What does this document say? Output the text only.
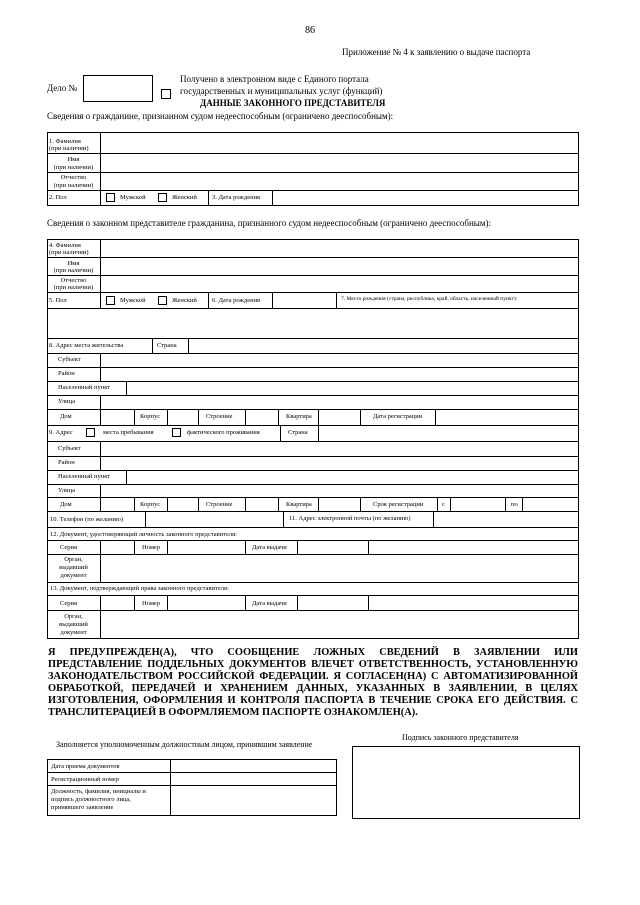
86
Приложение № 4 к заявлению о выдаче паспорта
Дело №
Получено в электронном виде с Единого портала
государственных и муниципальных услуг (функций)
ДАННЫЕ ЗАКОННОГО ПРЕДСТАВИТЕЛЯ
Сведения о гражданине, признанном судом недееспособным (ограничено дееспособным):
1. Фамилия
(при наличии)
Имя
(при наличии)
Отчество
(при наличии)
2. Пол	Мужской	Женский 3. Дата рождения
Сведения о законном представителе гражданина, признанного судом недееспособным (ограничено дееспособным):
4. Фамилия
(при наличии)
Имя
(при наличии)
Отчество
(при наличии)
5. Пол	Мужской	Женский 6. Дата рождения	7. Место рождения (страна, республика, край, область, населенный пункт):
8. Адрес места жительства	Страна
Субъект
Район
Населенный пункт
Улица
Дом	Корпус	Строение	Квартира	Дата регистрации
9. Адрес	места пребывания	фактического проживания	Страна
Субъект
Район
Населенный пункт
Улица
Дом	Корпус	Строение	Квартира	Срок регистрации	с	по
10. Телефон (по желанию)	11. Адрес электронной почты (по желанию)
12. Документ, удостоверяющий личность законного представителя:
Серия	Номер	Дата выдачи
Орган,
выдавший
документ
13. Документ, подтверждающий права законного представителя:
Серия	Номер	Дата выдачи
Орган,
выдавший
документ
Я ПРЕДУПРЕЖДЕН(А), ЧТО СООБЩЕНИЕ ЛОЖНЫХ СВЕДЕНИЙ В ЗАЯВЛЕНИИ ИЛИ ПРЕДСТАВЛЕНИЕ ПОДДЕЛЬНЫХ ДОКУМЕНТОВ ВЛЕЧЕТ ОТВЕТСТВЕННОСТЬ, УСТАНОВЛЕННУЮ ЗАКОНОДАТЕЛЬСТВОМ РОССИЙСКОЙ ФЕДЕРАЦИИ. Я СОГЛАСЕН(НА) С АВТОМАТИЗИРОВАННОЙ ОБРАБОТКОЙ, ПЕРЕДАЧЕЙ И ХРАНЕНИЕМ ДАННЫХ, УКАЗАННЫХ В ЗАЯВЛЕНИИ, В ЦЕЛЯХ ИЗГОТОВЛЕНИЯ, ОФОРМЛЕНИЯ И КОНТРОЛЯ ПАСПОРТА В ТЕЧЕНИЕ СРОКА ЕГО ДЕЙСТВИЯ. С ТРАНСЛИТЕРАЦИЕЙ В ОФОРМЛЯЕМОМ ПАСПОРТЕ ОЗНАКОМЛЕН(А).
Подпись законного представителя
Заполняется уполномоченным должностным лицом, принявшим заявление
Дата приема документов
Регистрационный номер
Должность, фамилия, инициалы и
подпись должностного лица,
принявшего заявление
